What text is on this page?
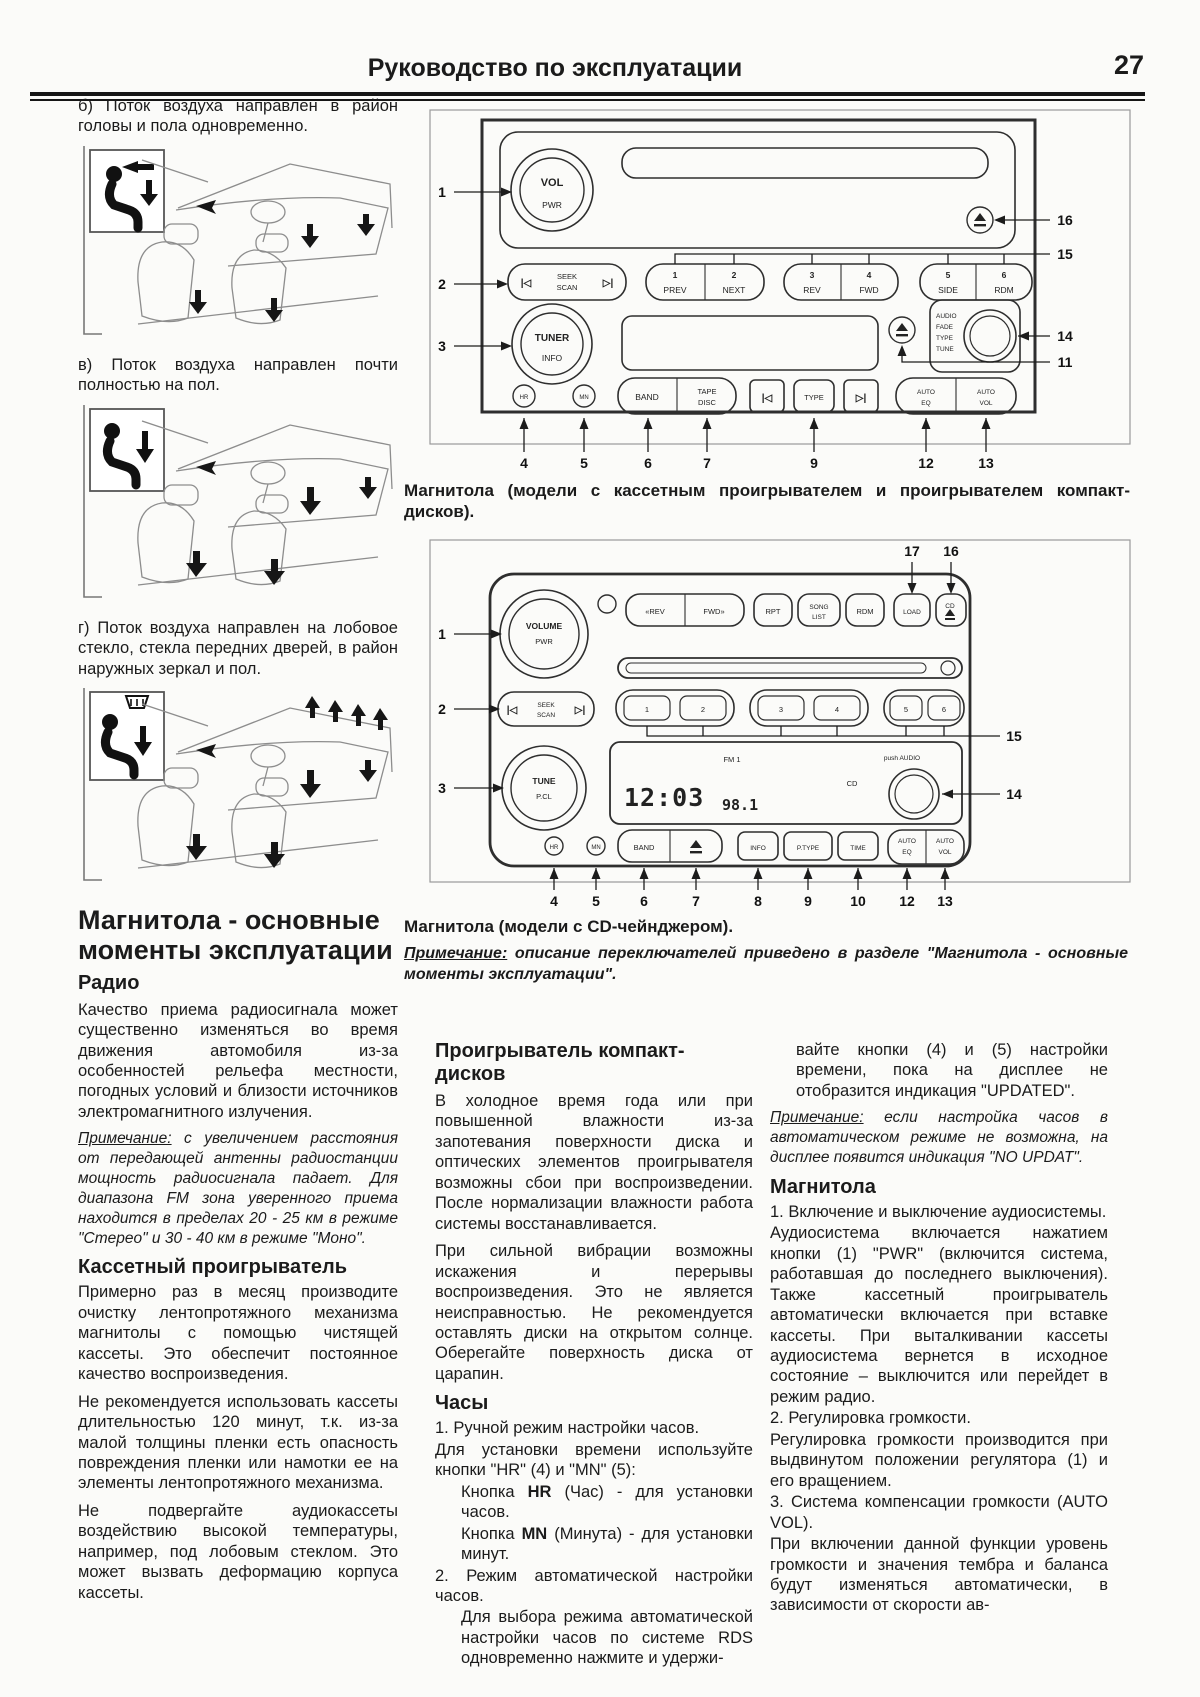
Руководство по эксплуатации	27

б) Поток воздуха направлен в район головы и пола одновременно.

в) Поток воздуха направлен почти полностью на пол.

г) Поток воздуха направлен на лобовое стекло, стекла передних дверей, в район наружных зеркал и пол.

Магнитола - основные моменты эксплуатации
Радио

Качество приема радиосигнала может существенно изменяться во время движения автомобиля из-за особенностей рельефа местности, погодных условий и близости источников электромагнитного излучения.

Примечание: с увеличением расстояния от передающей антенны радиостанции мощность радиосигнала падает. Для диапазона FM зона уверенного приема находится в пределах 20 - 25 км в режиме "Стерео" и 30 - 40 км в режиме "Моно".

Кассетный проигрыватель

Примерно раз в месяц производите очистку лентопротяжного механизма магнитолы с помощью чистящей кассеты. Это обеспечит постоянное качество воспроизведения.

Не рекомендуется использовать кассеты длительностью 120 минут, т.к. из-за малой толщины пленки есть опасность повреждения пленки или намотки ее на элементы лентопротяжного механизма.

Не подвергайте аудиокассеты воздействию высокой температуры, например, под лобовым стеклом. Это может вызвать деформацию корпуса кассеты.

VOL
PWR
|◁
SEEK
SCAN	▷|
1
PREV
2
NEXT
3
REV
4
FWD
5
SIDE
6
RDM
TUNER
INFO
AUDIO
FADE
TYPE
TUNE
BAND
TAPE
DISC	|◁	TYPE	▷|
AUTO
EQ
AUTO
VOL
HR	MN
1
2
3
16
15
14
11
4	5	6	7	9	12	13
Магнитола (модели с кассетным проигрывателем и проигрывателем компакт-дисков).
VOLUME
PWR
«REV	FWD»	RPT	SONG
LIST
RDM	LOAD
CD
|◁	SEEK
SCAN ▷|	1	2	3	4	5	6
FM 1
CD
push AUDIO
12:03 98.1
TUNE
P.CL
BAND	INFO	P.TYPE	TIME
AUTO
EQ
AUTO
VOL
HR	MN
17 16
1
2
3
15
14
4 5	6	7	8	9	10 12 13
Магнитола (модели с CD-чейнджером).
Примечание: описание переключателей приведено в разделе "Магнитола - основные моменты эксплуатации".
Проигрыватель компакт-дисков

В холодное время года или при повышенной влажности из-за запотевания поверхности диска и оптических элементов проигрывателя возможны сбои при воспроизведении. После нормализации влажности работа системы восстанавливается.

При сильной вибрации возможны искажения и перерывы воспроизведения. Это не является неисправностью. Не рекомендуется оставлять диски на открытом солнце. Оберегайте поверхность диска от царапин.

Часы

1. Ручной режим настройки часов.

Для установки времени используйте кнопки "HR" (4) и "MN" (5):

Кнопка HR (Час) - для установки часов.

Кнопка MN (Минута) - для установки минут.

2. Режим автоматической настройки часов.

Для выбора режима автоматической настройки часов по системе RDS одновременно нажмите и удержи-

вайте кнопки (4) и (5) настройки времени, пока на дисплее не отобразится индикация "UPDATED".

Примечание: если настройка часов в автоматическом режиме не возможна, на дисплее появится индикация "NO UPDAT".

Магнитола

1. Включение и выключение аудиосистемы.

Аудиосистема включается нажатием кнопки (1) "PWR" (включится система, работавшая до последнего выключения). Также кассетный проигрыватель автоматически включается при вставке кассеты. При выталкивании кассеты аудиосистема вернется в исходное состояние – выключится или перейдет в режим радио.

2. Регулировка громкости.

Регулировка громкости производится при выдвинутом положении регулятора (1) и его вращением.

3. Система компенсации громкости (AUTO VOL).

При включении данной функции уровень громкости и значения тембра и баланса будут изменяться автоматически, в зависимости от скорости ав-
